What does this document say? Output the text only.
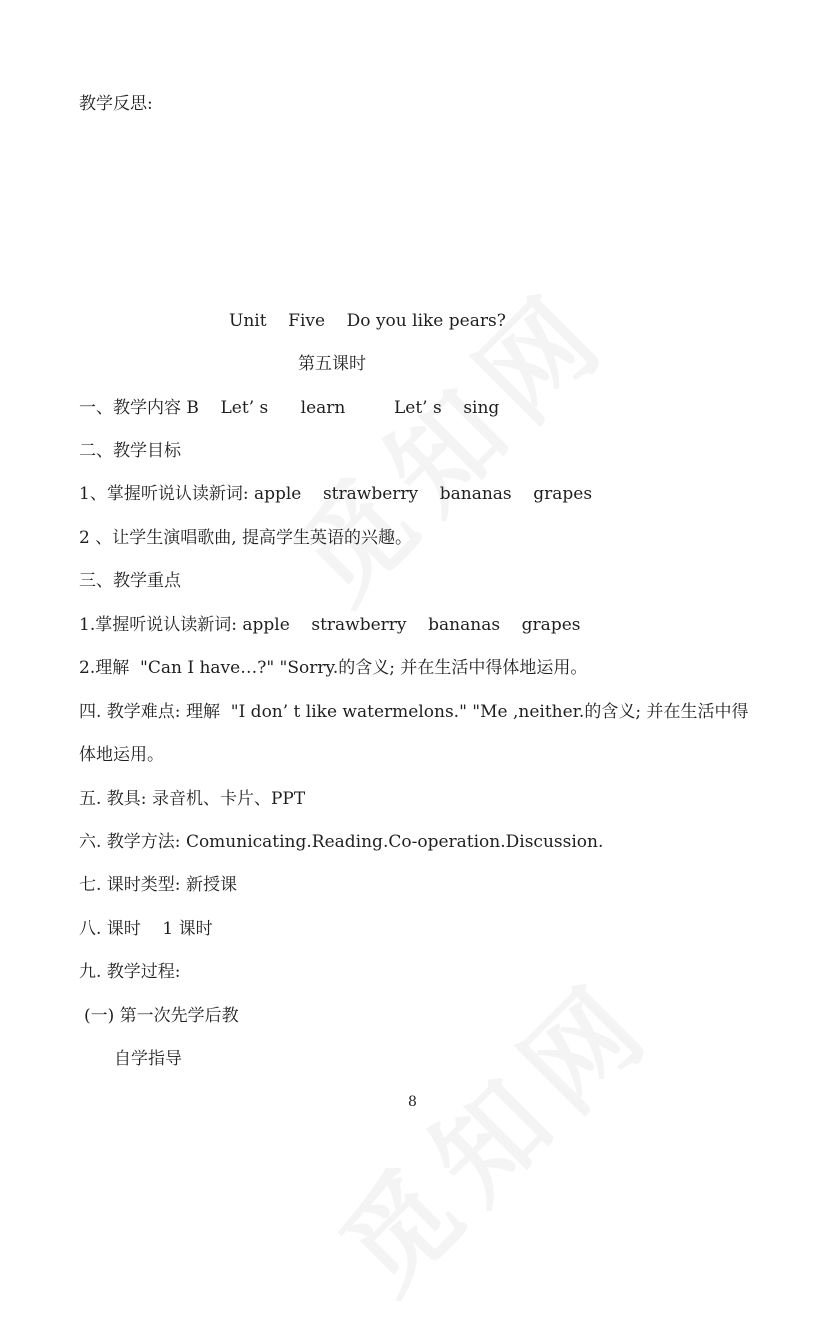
教学反思:
Unit    Five    Do you like pears?
第五课时
一、教学内容 B    Let’ s      learn         Let’ s    sing
二、教学目标
1、掌握听说认读新词: apple    strawberry    bananas    grapes
2 、让学生演唱歌曲, 提高学生英语的兴趣。
三、教学重点
1.掌握听说认读新词: apple    strawberry    bananas    grapes
2.理解  "Can I have…?" "Sorry.的含义; 并在生活中得体地运用。
四. 教学难点: 理解  "I don’ t like watermelons." "Me ,neither.的含义; 并在生活中得
体地运用。
五. 教具: 录音机、卡片、PPT
六. 教学方法: Comunicating.Reading.Co-operation.Discussion.
七. 课时类型: 新授课
八. 课时    1 课时
九. 教学过程:
(一) 第一次先学后教
自学指导
8
